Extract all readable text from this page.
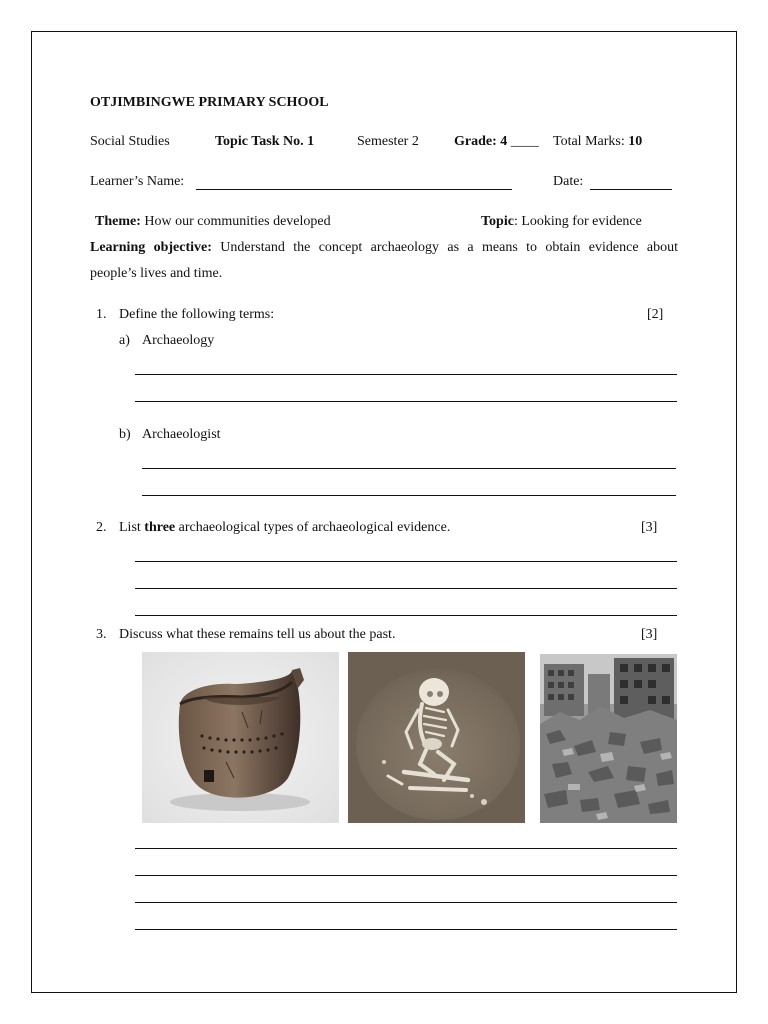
OTJIMBINGWE PRIMARY SCHOOL
Social Studies	Topic Task No. 1	Semester 2	Grade: 4 ____ Total Marks: 10
Learner’s Name:	Date:
Theme: How our communities developed	Topic: Looking for evidence
Learning objective: Understand the concept archaeology as a means to obtain evidence about
people’s lives and time.
1. Define the following terms:	[2]
a) Archaeology
b) Archaeologist
2. List three archaeological types of archaeological evidence.	[3]
3. Discuss what these remains tell us about the past.	[3]
